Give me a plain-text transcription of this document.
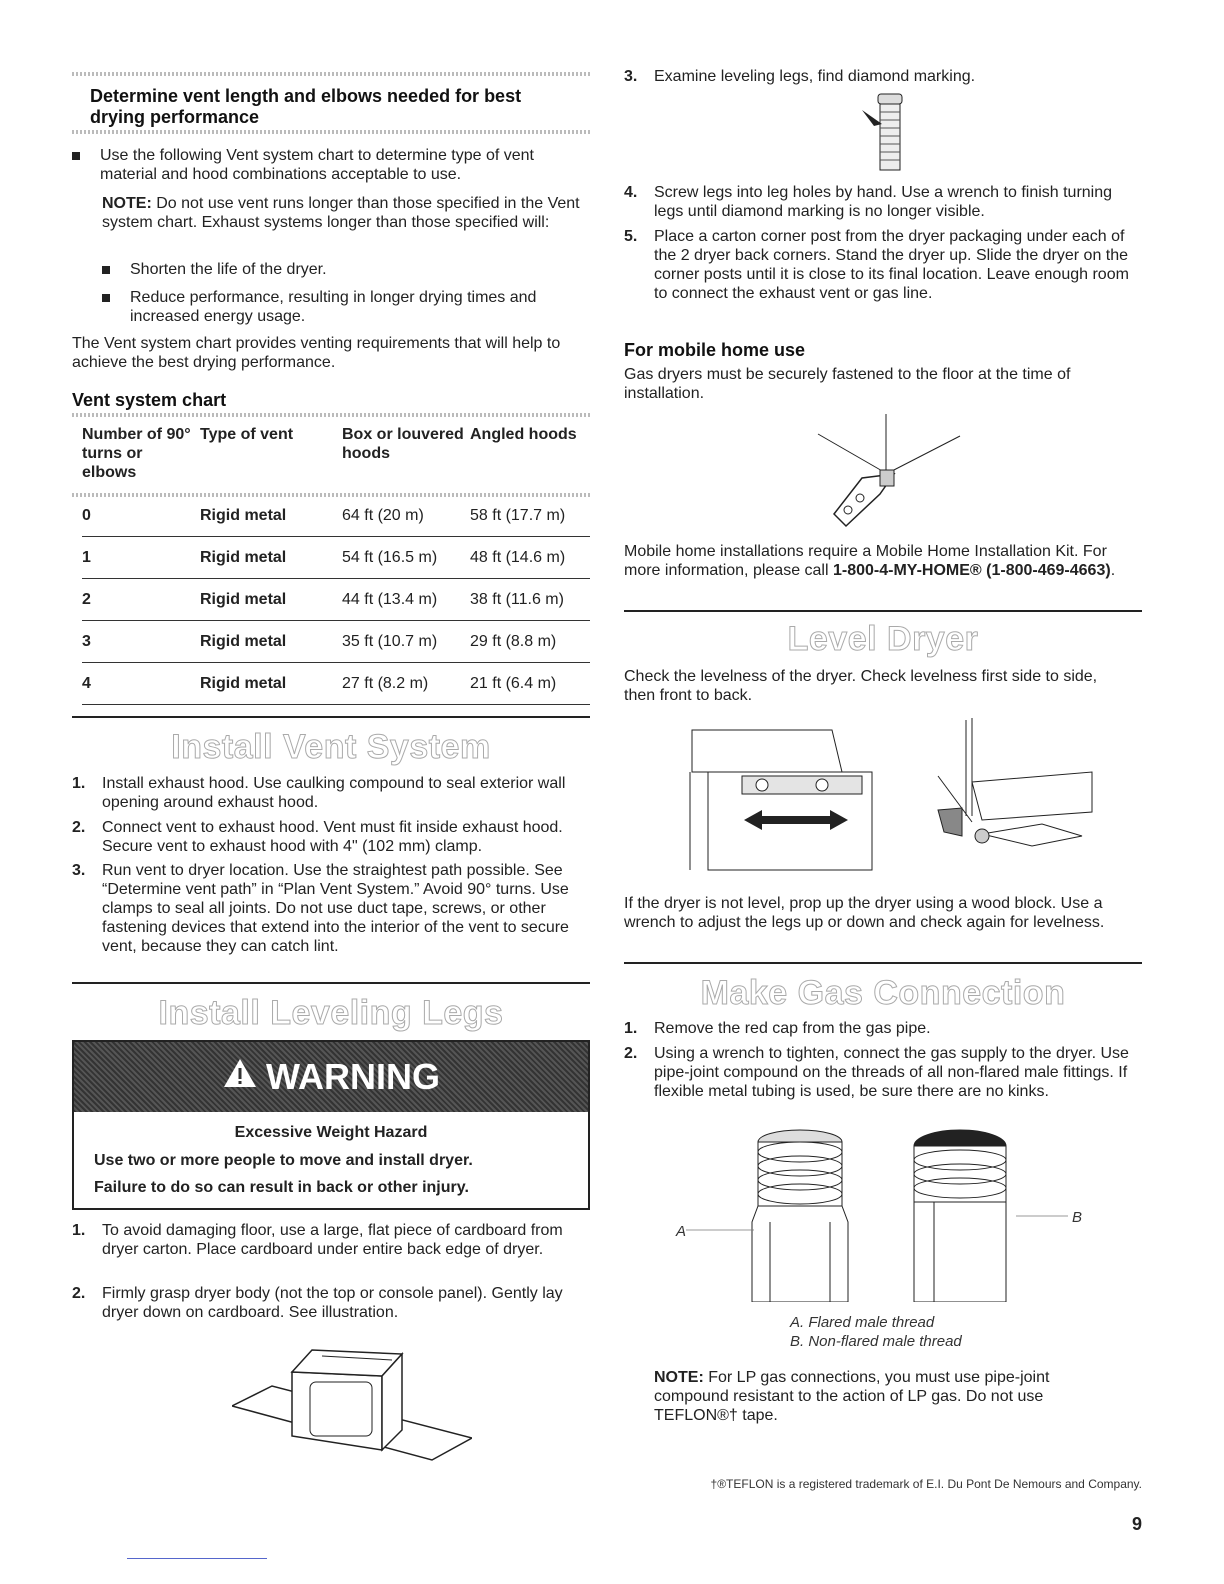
Determine vent length and elbows needed for best drying performance
Use the following Vent system chart to determine type of vent material and hood combinations acceptable to use.

NOTE: Do not use vent runs longer than those specified in the Vent system chart. Exhaust systems longer than those specified will:

Shorten the life of the dryer.
Reduce performance, resulting in longer drying times and increased energy usage.

The Vent system chart provides venting requirements that will help to achieve the best drying performance.

Vent system chart
Number of 90° turns or elbows	Type of vent	Box or louvered hoods	Angled hoods
0	Rigid metal	64 ft (20 m)	58 ft (17.7 m)
1	Rigid metal	54 ft (16.5 m)	48 ft (14.6 m)
2	Rigid metal	44 ft (13.4 m)	38 ft (11.6 m)
3	Rigid metal	35 ft (10.7 m)	29 ft (8.8 m)
4	Rigid metal	27 ft (8.2 m)	21 ft (6.4 m)
Install Vent System
1.	Install exhaust hood. Use caulking compound to seal exterior wall opening around exhaust hood.
2.	Connect vent to exhaust hood. Vent must fit inside exhaust hood. Secure vent to exhaust hood with 4" (102 mm) clamp.
3.	Run vent to dryer location. Use the straightest path possible. See “Determine vent path” in “Plan Vent System.” Avoid 90° turns. Use clamps to seal all joints. Do not use duct tape, screws, or other fastening devices that extend into the interior of the vent to secure vent, because they can catch lint.
Install Leveling Legs
WARNING
Excessive Weight Hazard
Use two or more people to move and install dryer.
Failure to do so can result in back or other injury.
1.	To avoid damaging floor, use a large, flat piece of cardboard from dryer carton. Place cardboard under entire back edge of dryer.
2.	Firmly grasp dryer body (not the top or console panel). Gently lay dryer down on cardboard. See illustration.
3.	Examine leveling legs, find diamond marking.
4.	Screw legs into leg holes by hand. Use a wrench to finish turning legs until diamond marking is no longer visible.
5.	Place a carton corner post from the dryer packaging under each of the 2 dryer back corners. Stand the dryer up. Slide the dryer on the corner posts until it is close to its final location. Leave enough room to connect the exhaust vent or gas line.
For mobile home use

Gas dryers must be securely fastened to the floor at the time of installation.

Mobile home installations require a Mobile Home Installation Kit. For more information, please call 1-800-4-MY-HOME® (1-800-469-4663).

Level Dryer

Check the levelness of the dryer. Check levelness first side to side, then front to back.

If the dryer is not level, prop up the dryer using a wood block. Use a wrench to adjust the legs up or down and check again for levelness.

Make Gas Connection
1.	Remove the red cap from the gas pipe.
2.	Using a wrench to tighten, connect the gas supply to the dryer. Use pipe-joint compound on the threads of all non-flared male fittings. If flexible metal tubing is used, be sure there are no kinks.
A
B
A. Flared male thread
B. Non-flared male thread

NOTE: For LP gas connections, you must use pipe-joint compound resistant to the action of LP gas. Do not use TEFLON®† tape.

†®TEFLON is a registered trademark of E.I. Du Pont De Nemours and Company.
9
